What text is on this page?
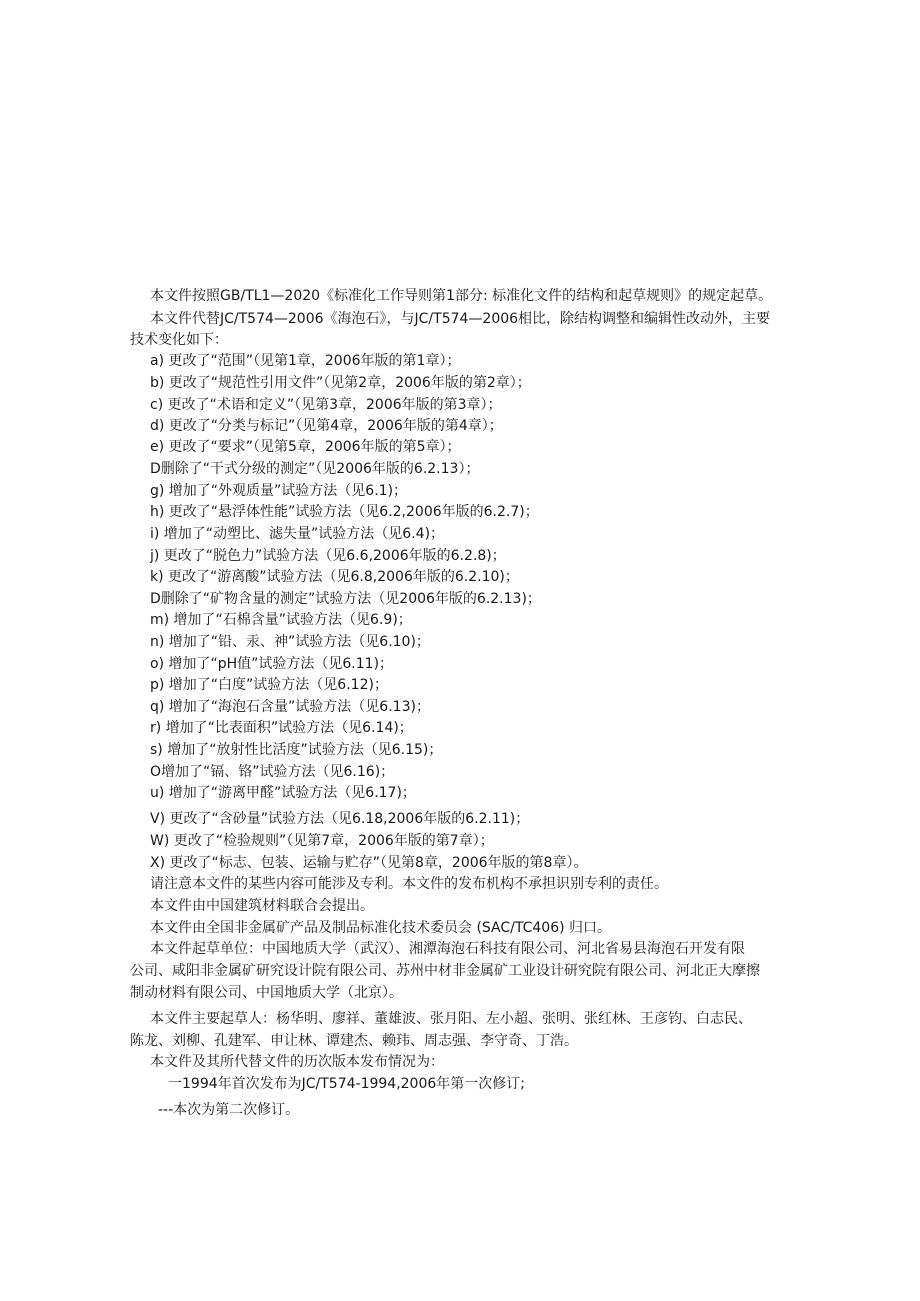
本文件按照GB/TL1—2020《标准化工作导则第1部分: 标准化文件的结构和起草规则》的规定起草。
本文件代替JC/T574—2006《海泡石》，与JC/T574—2006相比，除结构调整和编辑性改动外，主要
技术变化如下：
a) 更改了“范围”（见第1章，2006年版的第1章）；
b) 更改了“规范性引用文件”（见第2章，2006年版的第2章）；
c) 更改了“术语和定义”（见第3章，2006年版的第3章）；
d) 更改了“分类与标记”（见第4章，2006年版的第4章）；
e) 更改了“要求”（见第5章，2006年版的第5章）；
D删除了“干式分级的测定”（见2006年版的6.2.13）；
g) 增加了“外观质量”试验方法（见6.1)；
h) 更改了“悬浮体性能”试验方法（见6.2,2006年版的6.2.7)；
i) 增加了“动塑比、滤失量”试验方法（见6.4)；
j) 更改了“脱色力”试验方法（见6.6,2006年版的6.2.8)；
k) 更改了“游离酸”试验方法（见6.8,2006年版的6.2.10)；
D删除了“矿物含量的测定”试验方法（见2006年版的6.2.13)；
m) 增加了“石棉含量”试验方法（见6.9)；
n) 增加了“铅、汞、神”试验方法（见6.10)；
o) 增加了“pH值”试验方法（见6.11)；
p) 增加了“白度”试验方法（见6.12)；
q) 增加了“海泡石含量”试验方法（见6.13)；
r) 增加了“比表面积”试验方法（见6.14)；
s) 增加了“放射性比活度”试验方法（见6.15)；
O增加了“镉、铬”试验方法（见6.16)；
u) 增加了“游离甲醛”试验方法（见6.17)；
V) 更改了“含砂量”试验方法（见6.18,2006年版的6.2.11)；
W) 更改了“检验规则”（见第7章，2006年版的第7章）；
X) 更改了“标志、包装、运输与贮存”（见第8章，2006年版的第8章）。
请注意本文件的某些内容可能涉及专利。本文件的发布机构不承担识别专利的责任。
本文件由中国建筑材料联合会提出。
本文件由全国非金属矿产品及制品标准化技术委员会 (SAC/TC406) 归口。
本文件起草单位：中国地质大学（武汉）、湘潭海泡石科技有限公司、河北省易县海泡石开发有限
公司、咸阳非金属矿研究设计院有限公司、苏州中材非金属矿工业设计研究院有限公司、河北正大摩擦
制动材料有限公司、中国地质大学（北京）。
本文件主要起草人：杨华明、廖祥、董雄波、张月阳、左小超、张明、张红林、王彦钧、白志民、
陈龙、刘柳、孔建军、申让林、谭建杰、赖玮、周志强、李守奇、丁浩。
本文件及其所代替文件的历次版本发布情况为：
一1994年首次发布为JC/T574-1994,2006年第一次修订;
---本次为第二次修订。
